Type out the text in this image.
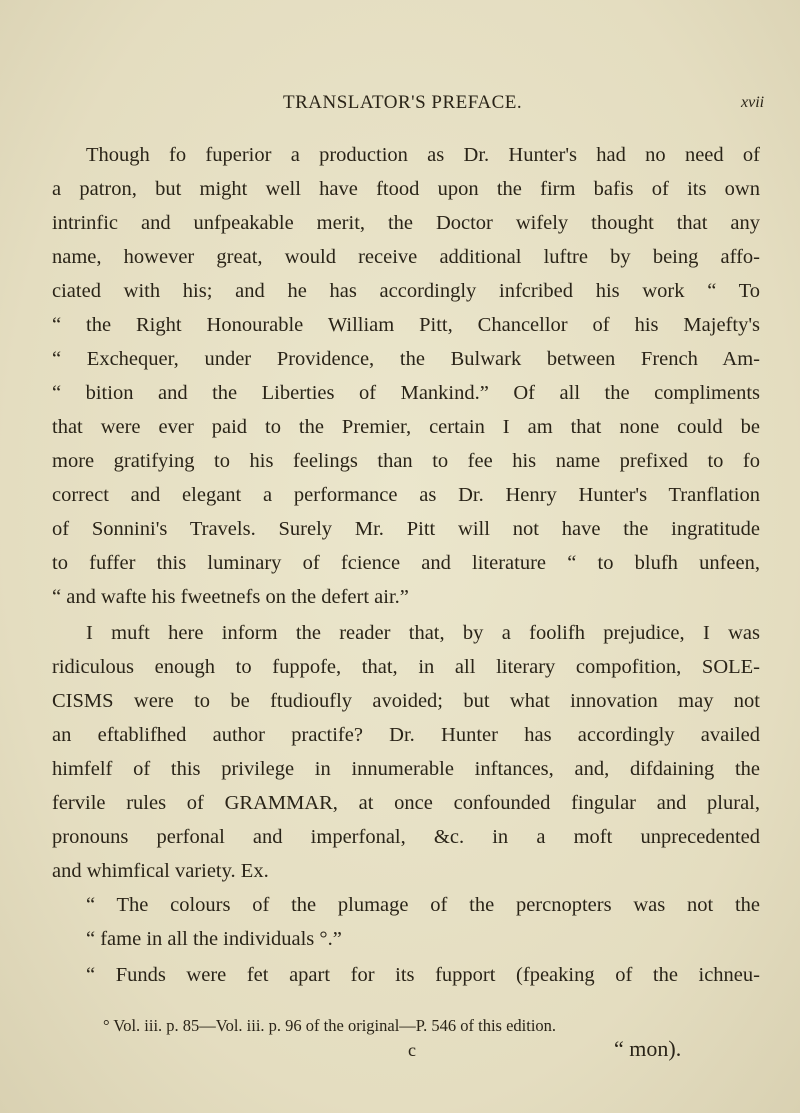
TRANSLATOR'S PREFACE.	xvii
Though fo fuperior a production as Dr. Hunter's had no need of
a patron, but might well have ftood upon the firm bafis of its own
intrinfic and unfpeakable merit, the Doctor wifely thought that any
name, however great, would receive additional luftre by being affo-
ciated with his; and he has accordingly infcribed his work “ To
“ the Right Honourable William Pitt, Chancellor of his Majefty's
“ Exchequer, under Providence, the Bulwark between French Am-
“ bition and the Liberties of Mankind.” Of all the compliments
that were ever paid to the Premier, certain I am that none could be
more gratifying to his feelings than to fee his name prefixed to fo
correct and elegant a performance as Dr. Henry Hunter's Tranflation
of Sonnini's Travels. Surely Mr. Pitt will not have the ingratitude
to fuffer this luminary of fcience and literature “ to blufh unfeen,
“ and wafte his fweetnefs on the defert air.”
I muft here inform the reader that, by a foolifh prejudice, I was
ridiculous enough to fuppofe, that, in all literary compofition, SOLE-
CISMS were to be ftudioufly avoided; but what innovation may not
an eftablifhed author practife? Dr. Hunter has accordingly availed
himfelf of this privilege in innumerable inftances, and, difdaining the
fervile rules of GRAMMAR, at once confounded fingular and plural,
pronouns perfonal and imperfonal, &c. in a moft unprecedented
and whimfical variety. Ex.
“ The colours of the plumage of the percnopters was not the
“ fame in all the individuals °.”
“ Funds were fet apart for its fupport (fpeaking of the ichneu-
° Vol. iii. p. 85—Vol. iii. p. 96 of the original—P. 546 of this edition.
c	“ mon).
